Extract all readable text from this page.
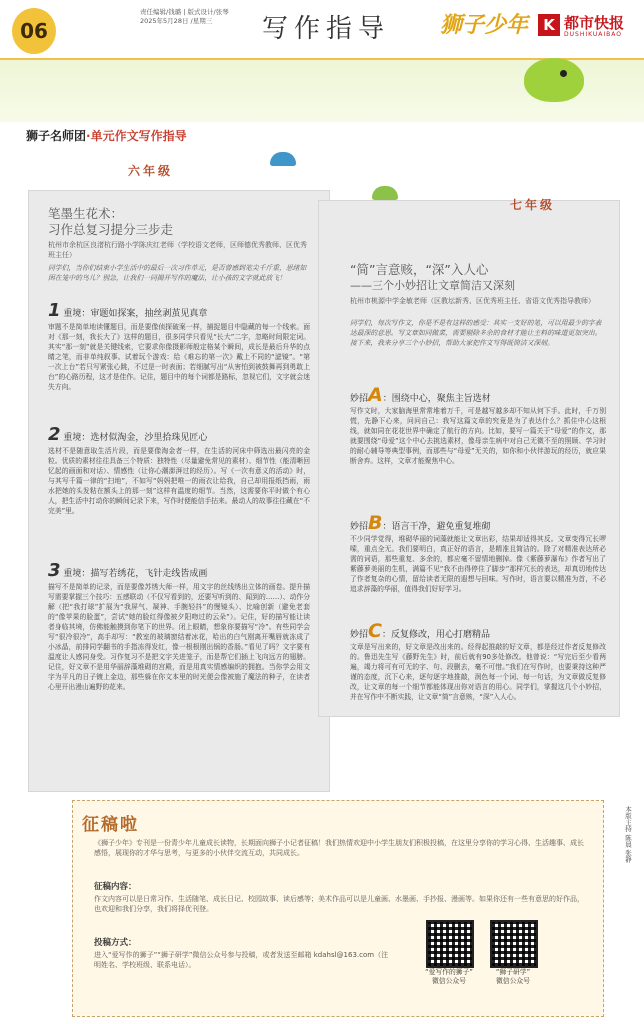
06
责任编辑/钱璐 | 版式设计/张琴
2025年5月28日 /星期三 写作指导 狮子少年	K 都市快报
DUSHIKUAIBAO
狮子名师团·单元作文写作指导
六年级
笔墨生花术：
习作总复习提分三步走
杭州市余杭区良渚杭行路小学陈庆红老师（学校语文老师，区师德优秀教师、区优秀班主任）
同学们，当你们结束小学生活中的最后一次习作单元，是否曾感到笔尖千斤重，思绪如困在笼中的鸟儿？别急，让我们一同揭开写作的魔法，让小孩的文字就此放飞！
1 重境：审题如探案，抽丝剥茧见真章
审题不是简单地读懂题目，而是要像侦探破案一样，捕捉题目中隐藏的每一个线索。面对《那一刻，我长大了》这样的题目，很多同学只看见“长大”二字，忽略时间限定词。其实“那一刻”就是关键线索，它要求你像摄影师般定格某个瞬间，成长是最后升华的点睛之笔，而非单纯叙事。试着玩个游戏：给《难忘的第一次》戴上不同的“滤镜”。“第一次上台”若只写紧张心跳，不过是一时表面；若细腻写出“从害怕到被鼓舞再到勇敢上台”的心路历程，这才是佳作。记住，题目中的每个词都是路标，忽视它们，文字就会迷失方向。
2 重境：选材似淘金，沙里拾珠见匠心
选材不是随意取生活片段，而是要像淘金者一样，在生活的河床中筛选出最闪亮的金粒。优质的素材往往具备三个特质：独特性（尽量避免常见的素材）、细节性（能清晰回忆起的画面和对话）、情感性（让你心潮澎湃过的经历）。写《一次有意义的活动》时，与其写千篇一律的“扫地”，不如写“妈妈把唯一的雨衣让给我，自己却用报纸挡雨，雨水把她的头发粘在额头上的那一刻”这样有温度的细节。当然，这需要你平时做个有心人，把生活中打动你的瞬间记录下来，写作时便能信手拈来。最动人的故事往往藏在“不完美”里。
3 重境：描写若绣花，飞针走线皆成画
描写不是简单的记录，而是要像苏绣大师一样，用文字的丝线绣出立体的画卷。提升描写需要掌握三个技巧：五感联动（不仅写看到的，还要写听到的、闻到的……）、动作分解（把“我打球”扩展为“我屏气、凝神、手腕轻抖”的慢镜头）、比喻创新（避免老套的“像苹果的脸蛋”，尝试“她的脸红得像被夕阳吻过的云朵”）。记住，好的描写能让读者身临其境，仿佛能触摸到你笔下的世界。闭上眼睛，想象你要描写“冷”。有些同学会写“很冷很冷”，高手却写：“教室的玻璃窗结着冰花，哈出的白气刚离开嘴唇就冻成了小冰晶，前排同学翻书的手指冻得发红，像一根根刚出锅的香肠。”看见了吗？文字要有温度让人感同身受。习作复习不是把文字关进笼子，而是帮它们插上飞向远方的翅膀。记住，好文章不是用华丽辞藻堆砌的宫殿，而是用真实情感编织的拥抱。当你学会用文字为平凡的日子镀上金边，那些躲在你文本里的时光便会像被施了魔法的种子，在读者心里开出漫山遍野的花来。
七年级
“简”言意赅，“深”入人心
——三个小妙招让文章简洁又深刻
杭州市桃源中学金敏老师（区教坛新秀、区优秀班主任、省语文优秀指导教师）
同学们，每次写作文，你是不是有这样的感受：其实一支好的笔，可以用最少的字表达最深的意思。写文章如同做菜，需要剔除多余的食材才能让主料的味道更加突出。接下来，我来分享三个小妙招，帮助大家把作文写得既简洁又深刻。
妙招A：围绕中心，聚焦主旨选材
写作文时，大家脑海里常常堆着万千，可是越写越多却不知从何下手。此时，千万别慌，先静下心来，问问自己：我写这篇文章的究竟是为了表达什么？抓住中心这根线，就如同在花花世界中确定了航行的方向。比如，要写一篇关于“母爱”的作文，那就要围绕“母爱”这个中心去挑选素材，像母亲生病中对自己无微不至的照顾、学习时的耐心辅导等典型事例，而那些与“母爱”无关的，如你和小伙伴游玩的经历，就应果断舍弃。这样，文章才能聚焦中心。
妙招B：语言干净，避免重复堆砌
不少同学觉得，堆砌华丽的词藻就能让文章出彩，结果却适得其反。文章变得冗长啰嗦，重点全无。我们要明白，真正好的语言，是精准且简洁的。除了对精准表达所必需的词语，那些重复、多余的，都应毫不留情地删掉。像《紫藤萝瀑布》作者写出了紫藤萝美丽的生机，满篇不见“我不由得停住了脚步”那样冗长的表达，却真切地传达了作者复杂的心情，留给读者无限的遐想与回味。写作时，语言要以精准为首，不必追求辞藻的华丽，值得我们好好学习。
妙招C：反复修改，用心打磨精品
文章是写出来的，好文章是改出来的。经得起推敲的好文章，都是经过作者反复修改的。鲁迅先生写《藤野先生》时，前后就有90多处修改。他曾说：“写完后至少看两遍，竭力将可有可无的字、句、段删去，毫不可惜。”我们在写作时，也要秉持这种严谨的态度，沉下心来，逐句逐字地推敲，润色每一个词、每一句话，为文章做反复修改，让文章的每一个细节都能体现出你对语言的用心。同学们，掌握这几个小妙招，并在写作中不断实践，让文章“简”言意赅，“深”入人心。
征稿啦
《狮子少年》专刊是一份青少年儿童成长读物，长期面向狮子小记者征稿！我们热情欢迎中小学生朋友们积极投稿，在这里分享你的学习心得、生活趣事、成长感悟，展现你的才华与思考，与更多的小伙伴交流互动，共同成长。
征稿内容：
作文内容可以是日常习作、生活随笔、成长日记、校园故事、读后感等；美术作品可以是儿童画、水墨画、手抄报、漫画等。如果你还有一些有意思的好作品，也欢迎和我们分享，我们将择优刊登。
投稿方式：
进入“爱写作的狮子”“狮子研学”微信公众号参与投稿，或者发送至邮箱 kdahsl@163.com（注明姓名、学校班级、联系电话）。
“爱写作的狮子”
微信公众号
“狮子研学”
微信公众号
本版主持 陈晨 张静
